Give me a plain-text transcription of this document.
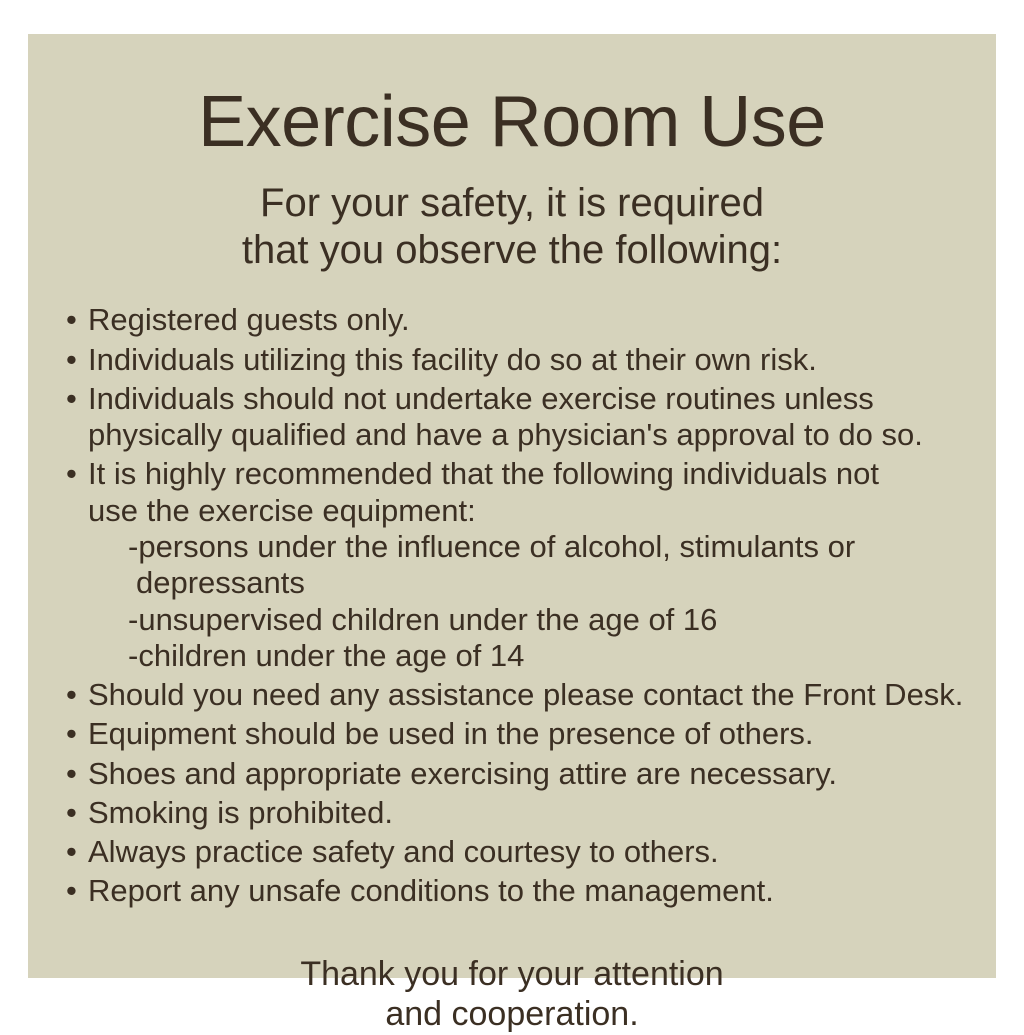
Exercise Room Use
For your safety, it is required
that you observe the following:
• Registered guests only.
• Individuals utilizing this facility do so at their own risk.
• Individuals should not undertake exercise routines unless
physically qualified and have a physician's approval to do so.
• It is highly recommended that the following individuals not
use the exercise equipment:
-persons under the influence of alcohol, stimulants or
depressants
-unsupervised children under the age of 16
-children under the age of 14
• Should you need any assistance please contact the Front Desk.
• Equipment should be used in the presence of others.
• Shoes and appropriate exercising attire are necessary.
• Smoking is prohibited.
• Always practice safety and courtesy to others.
• Report any unsafe conditions to the management.
Thank you for your attention
and cooperation.
